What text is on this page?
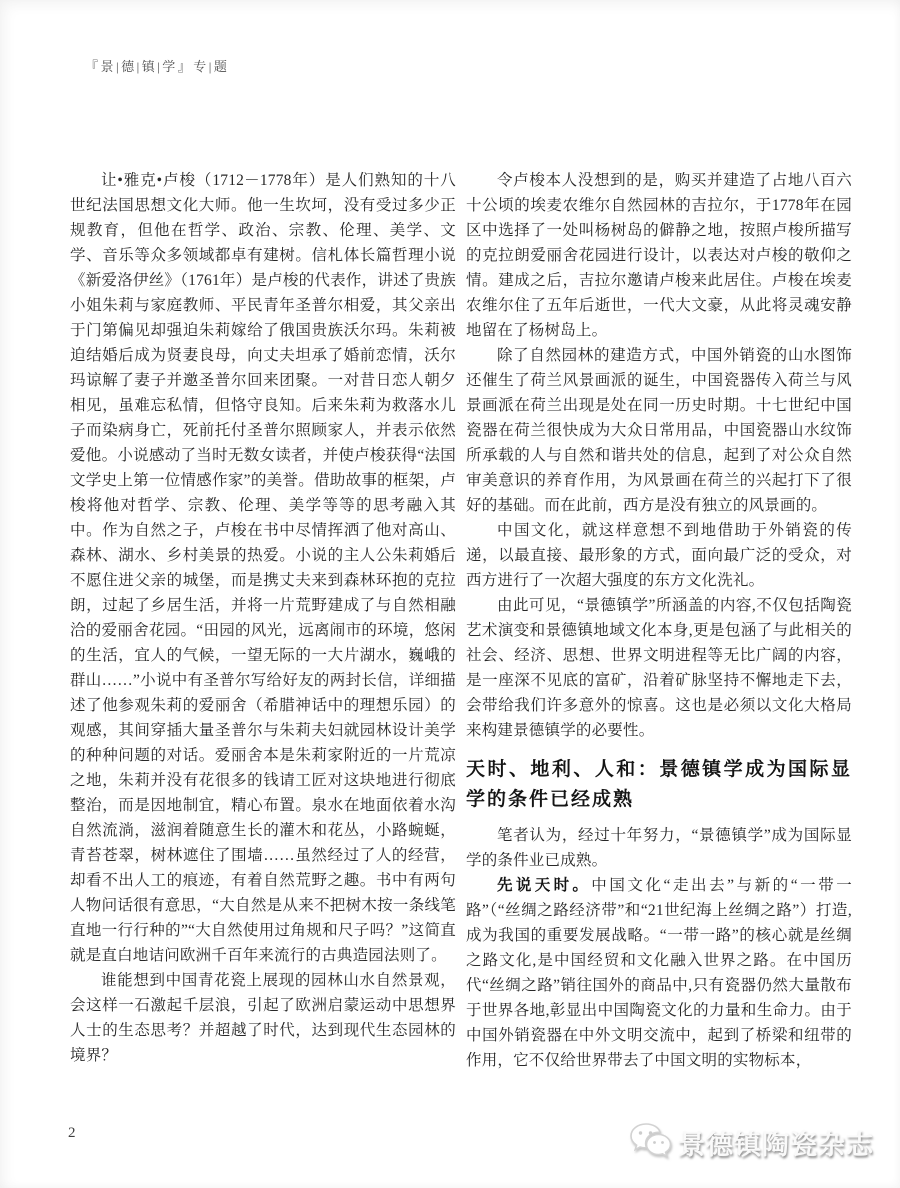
『景|德|镇|学』专|题

让•雅克•卢梭（1712－1778年）是人们熟知的十八世纪法国思想文化大师。他一生坎坷，没有受过多少正规教育，但他在哲学、政治、宗教、伦理、美学、文学、音乐等众多领域都卓有建树。信札体长篇哲理小说《新爱洛伊丝》（1761年）是卢梭的代表作，讲述了贵族小姐朱莉与家庭教师、平民青年圣普尔相爱，其父亲出于门第偏见却强迫朱莉嫁给了俄国贵族沃尔玛。朱莉被迫结婚后成为贤妻良母，向丈夫坦承了婚前恋情，沃尔玛谅解了妻子并邀圣普尔回来团聚。一对昔日恋人朝夕相见，虽难忘私情，但恪守良知。后来朱莉为救落水儿子而染病身亡，死前托付圣普尔照顾家人，并表示依然爱他。小说感动了当时无数女读者，并使卢梭获得“法国文学史上第一位情感作家”的美誉。借助故事的框架，卢梭将他对哲学、宗教、伦理、美学等等的思考融入其中。作为自然之子，卢梭在书中尽情挥洒了他对高山、森林、湖水、乡村美景的热爱。小说的主人公朱莉婚后不愿住进父亲的城堡，而是携丈夫来到森林环抱的克拉朗，过起了乡居生活，并将一片荒野建成了与自然相融洽的爱丽舍花园。“田园的风光，远离闹市的环境，悠闲的生活，宜人的气候，一望无际的一大片湖水，巍峨的群山……”小说中有圣普尔写给好友的两封长信，详细描述了他参观朱莉的爱丽舍（希腊神话中的理想乐园）的观感，其间穿插大量圣普尔与朱莉夫妇就园林设计美学的种种问题的对话。爱丽舍本是朱莉家附近的一片荒凉之地，朱莉并没有花很多的钱请工匠对这块地进行彻底整治，而是因地制宜，精心布置。泉水在地面依着水沟自然流淌，滋润着随意生长的灌木和花丛，小路蜿蜒，青苔苍翠，树林遮住了围墙……虽然经过了人的经营，却看不出人工的痕迹，有着自然荒野之趣。书中有两句人物问话很有意思，“大自然是从来不把树木按一条线笔直地一行行种的”“大自然使用过角规和尺子吗？”这简直就是直白地诘问欧洲千百年来流行的古典造园法则了。

谁能想到中国青花瓷上展现的园林山水自然景观，会这样一石激起千层浪，引起了欧洲启蒙运动中思想界人士的生态思考？并超越了时代，达到现代生态园林的境界？

令卢梭本人没想到的是，购买并建造了占地八百六十公顷的埃麦农维尔自然园林的吉拉尔，于1778年在园区中选择了一处叫杨树岛的僻静之地，按照卢梭所描写的克拉朗爱丽舍花园进行设计，以表达对卢梭的敬仰之情。建成之后，吉拉尔邀请卢梭来此居住。卢梭在埃麦农维尔住了五年后逝世，一代大文豪，从此将灵魂安静地留在了杨树岛上。

除了自然园林的建造方式，中国外销瓷的山水图饰还催生了荷兰风景画派的诞生，中国瓷器传入荷兰与风景画派在荷兰出现是处在同一历史时期。十七世纪中国瓷器在荷兰很快成为大众日常用品，中国瓷器山水纹饰所承载的人与自然和谐共处的信息，起到了对公众自然审美意识的养育作用，为风景画在荷兰的兴起打下了很好的基础。而在此前，西方是没有独立的风景画的。

中国文化，就这样意想不到地借助于外销瓷的传递，以最直接、最形象的方式，面向最广泛的受众，对西方进行了一次超大强度的东方文化洗礼。

由此可见，“景德镇学”所涵盖的内容,不仅包括陶瓷艺术演变和景德镇地域文化本身,更是包涵了与此相关的社会、经济、思想、世界文明进程等无比广阔的内容，是一座深不见底的富矿，沿着矿脉坚持不懈地走下去，会带给我们许多意外的惊喜。这也是必须以文化大格局来构建景德镇学的必要性。

天时、地利、人和：景德镇学成为国际显学的条件已经成熟

笔者认为，经过十年努力，“景德镇学”成为国际显学的条件业已成熟。

先说天时。中国文化“走出去”与新的“一带一路”（“丝绸之路经济带”和“21世纪海上丝绸之路”）打造,成为我国的重要发展战略。“一带一路”的核心就是丝绸之路文化,是中国经贸和文化融入世界之路。在中国历代“丝绸之路”销往国外的商品中,只有瓷器仍然大量散布于世界各地,彰显出中国陶瓷文化的力量和生命力。由于中国外销瓷器在中外文明交流中，起到了桥梁和纽带的作用，它不仅给世界带去了中国文明的实物标本，

2	景德镇陶瓷杂志
